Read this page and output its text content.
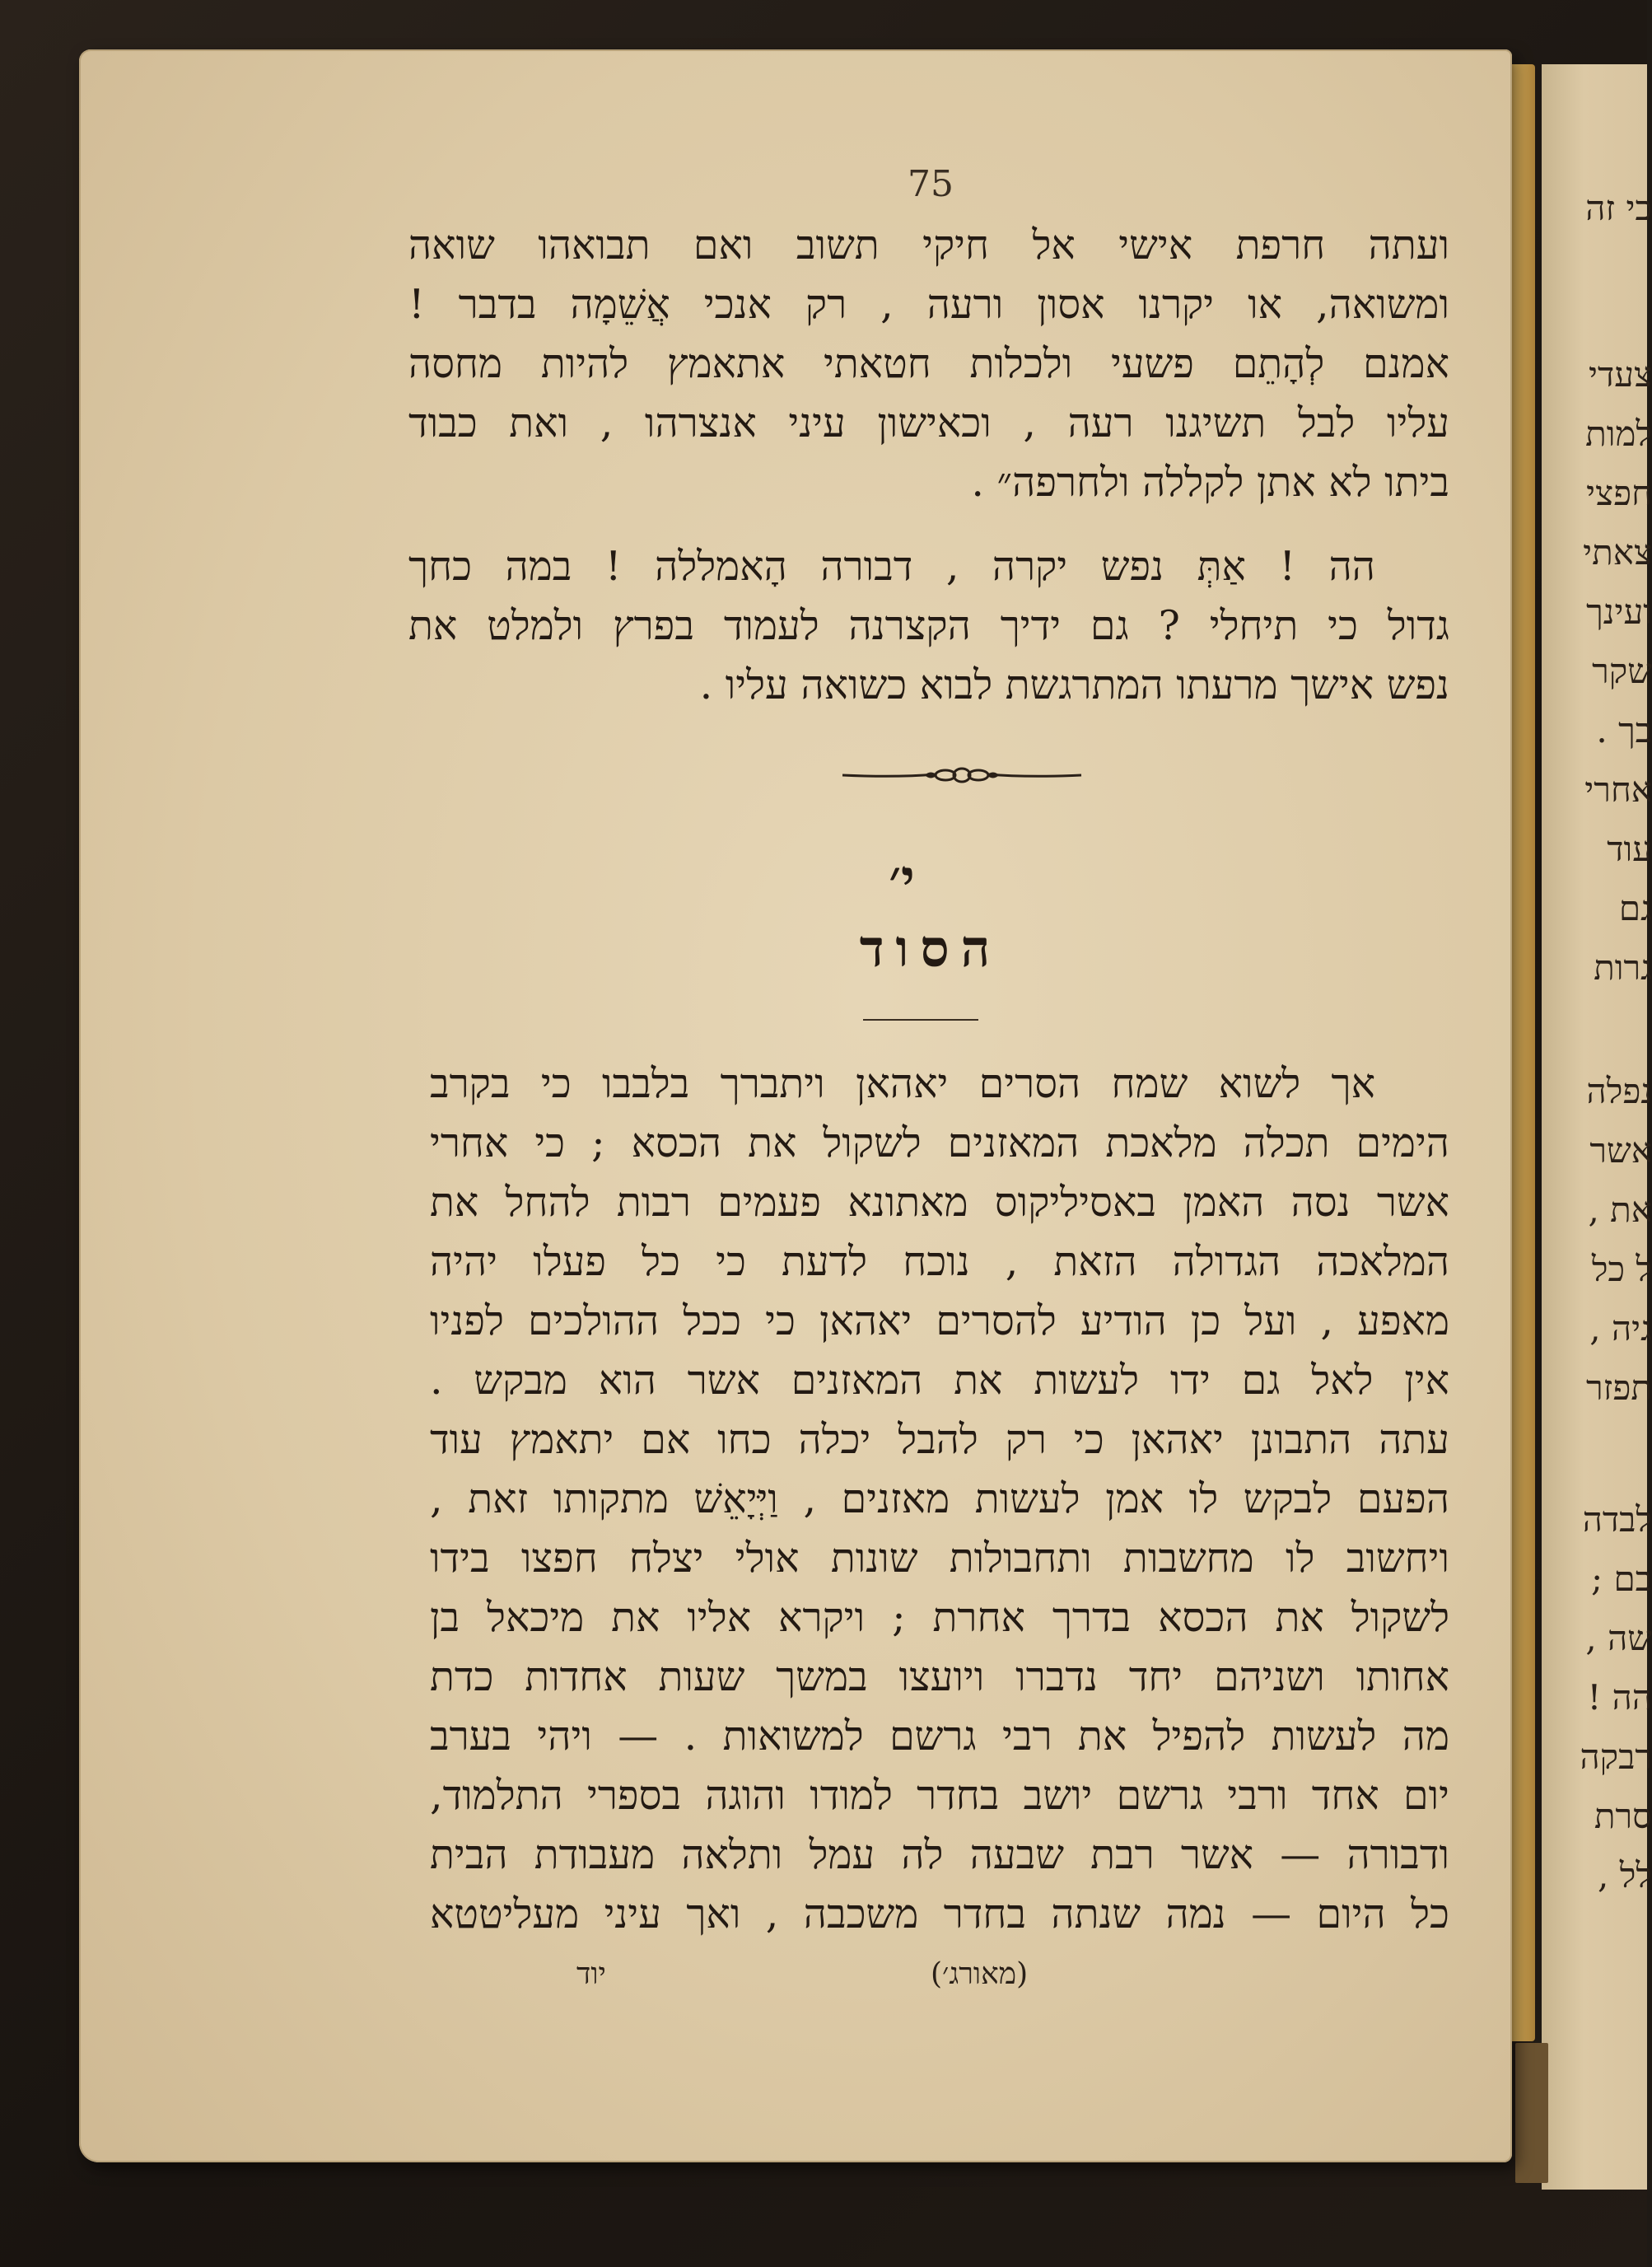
כי זה
צעדי
למות
חפצי
צאתי
ועינך
שקר
בך .
אחרי
עוד
גם
גרות
נפלה
אשר
את ,
ל כל
גיה ,
תפזר
לבדה
בם ;
שה ,
הה !
רבקה
סרת
לל ,
75
ועתה חרפת אישי אל חיקי תשוב ואם תבואהו שואה
ומשואה, או יקרנו אסון ורעה , רק אנכי אֲשֵׁמָה בדבר !
אמנם לְהָתֵם פשעי ולכלות חטאתי אתאמץ להיות מחסה
עליו לבל תשיגנו רעה , וכאישון עיני אנצרהו , ואת כבוד
ביתו לא אתן לקללה ולחרפה״ .
הה ! אַתְּ נפש יקרה , דבורה הָאמללה ! במה כחך
גדול כי תיחלי ? גם ידיך הקצרנה לעמוד בפרץ ולמלט את
נפש אישך מרעתו המתרגשת לבוא כשואה עליו .
י׳
הסוד
אך לשוא שמח הסרים יאהאן ויתברך בלבבו כי בקרב
הימים תכלה מלאכת המאזנים לשקול את הכסא ; כי אחרי
אשר נסה האמן באסיליקוס מאתונא פעמים רבות להחל את
המלאכה הגדולה הזאת , נוכח לדעת כי כל פעלו יהיה
מאפע , ועל כן הודיע להסרים יאהאן כי ככל ההולכים לפניו
אין לאל גם ידו לעשות את המאזנים אשר הוא מבקש .
עתה התבונן יאהאן כי רק להבל יכלה כחו אם יתאמץ עוד
הפעם לבקש לו אמן לעשות מאזנים , וַיְּיָאֵשׁ מתקותו זאת ,
ויחשוב לו מחשבות ותחבולות שונות אולי יצלח חפצו בידו
לשקול את הכסא בדרך אחרת ; ויקרא אליו את מיכאל בן
אחותו ושניהם יחד נדברו ויועצו במשך שעות אחדות כדת
מה לעשות להפיל את רבי גרשם למשואות . — ויהי בערב
יום אחד ורבי גרשם יושב בחדר למודו והוגה בספרי התלמוד,
ודבורה — אשר רבת שבעה לה עמל ותלאה מעבודת הבית
כל היום — נמה שנתה בחדר משכבה , ואך עיני מעליטטא
יוד	(מאורג׳)
